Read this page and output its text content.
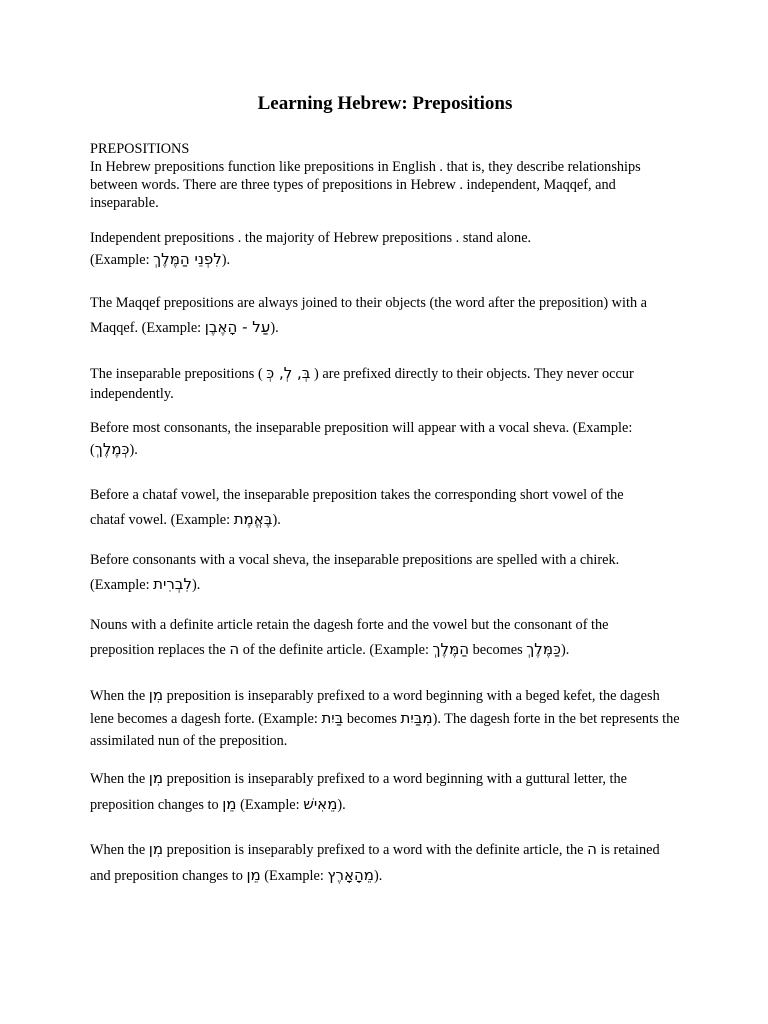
Learning Hebrew: Prepositions
PREPOSITIONS
In Hebrew prepositions function like prepositions in English . that is, they describe relationships between words. There are three types of prepositions in Hebrew . independent, Maqqef, and inseparable.
Independent prepositions . the majority of Hebrew prepositions . stand alone.
(Example: לִפְנֵי הַמֶּלֶךְ).
The Maqqef prepositions are always joined to their objects (the word after the preposition) with a
Maqqef. (Example: עַל - הָאֶבֶן).
The inseparable prepositions ( בְּ, לְ, כְּ ) are prefixed directly to their objects. They never occur independently.
Before most consonants, the inseparable preposition will appear with a vocal sheva. (Example:
(כְּמֶלֶךְ).
Before a chataf vowel, the inseparable preposition takes the corresponding short vowel of the
chataf vowel. (Example: בֶּאֱמֶת).
Before consonants with a vocal sheva, the inseparable prepositions are spelled with a chirek.
(Example: לִבְרִית).
Nouns with a definite article retain the dagesh forte and the vowel but the consonant of the
preposition replaces the ה of the definite article. (Example: הַמֶּלֶךְ becomes כַּמֶּלֶךְ).
When the מִן preposition is inseparably prefixed to a word beginning with a beged kefet, the dagesh lene becomes a dagesh forte. (Example: בַּיִת becomes מִבַּיִת). The dagesh forte in the bet represents the assimilated nun of the preposition.
When the מִן preposition is inseparably prefixed to a word beginning with a guttural letter, the preposition changes to מֵן (Example: מֵאִישׁ).
When the מִן preposition is inseparably prefixed to a word with the definite article, the ה is retained and preposition changes to מֵן (Example: מֵהָאָרֶץ).
